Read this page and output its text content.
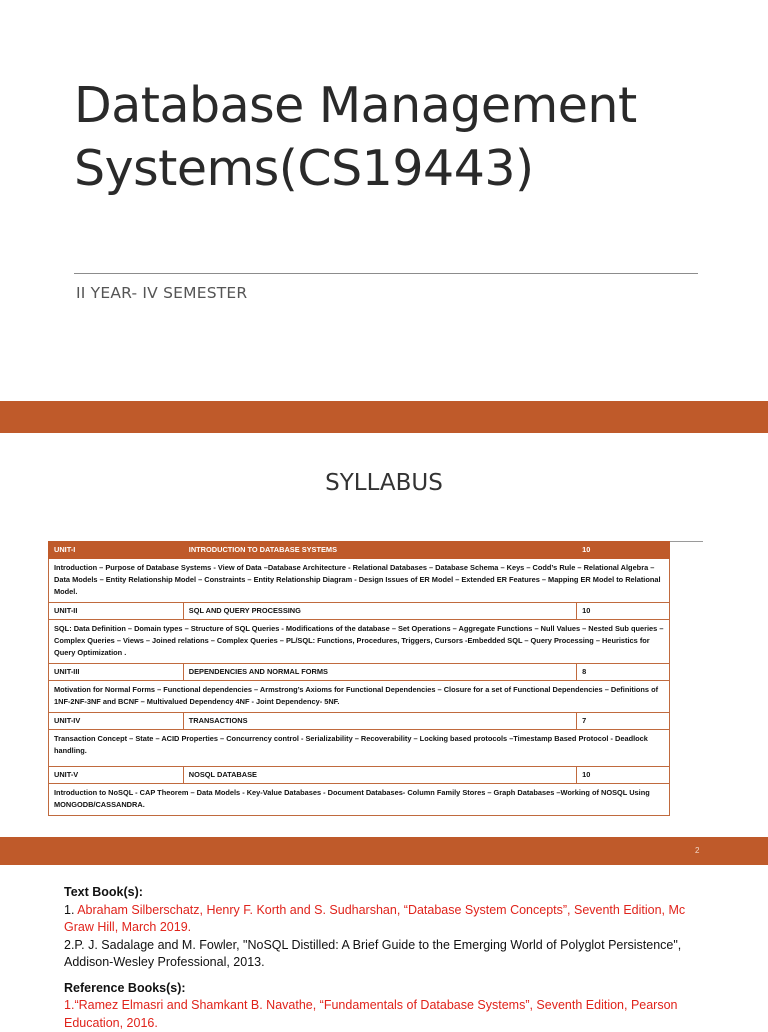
Database Management
Systems(CS19443)
II YEAR- IV SEMESTER
SYLLABUS
UNIT-I	INTRODUCTION TO DATABASE SYSTEMS	10
Introduction – Purpose of Database Systems - View of Data –Database Architecture - Relational Databases – Database Schema – Keys – Codd’s Rule – Relational Algebra – Data Models – Entity Relationship Model – Constraints – Entity Relationship Diagram - Design Issues of ER Model – Extended ER Features – Mapping ER Model to Relational Model.		
UNIT-II	SQL AND QUERY PROCESSING	10
SQL: Data Definition – Domain types – Structure of SQL Queries - Modifications of the database – Set Operations – Aggregate Functions – Null Values – Nested Sub queries – Complex Queries – Views – Joined relations – Complex Queries – PL/SQL: Functions, Procedures, Triggers, Cursors -Embedded SQL – Query Processing – Heuristics for Query Optimization .		
UNIT-III	DEPENDENCIES AND NORMAL FORMS	8
Motivation for Normal Forms – Functional dependencies – Armstrong’s Axioms for Functional Dependencies – Closure for a set of Functional Dependencies – Definitions of 1NF-2NF-3NF and BCNF – Multivalued Dependency 4NF - Joint Dependency- 5NF.		
UNIT-IV	TRANSACTIONS	7
Transaction Concept – State – ACID Properties – Concurrency control - Serializability – Recoverability – Locking based protocols –Timestamp Based Protocol - Deadlock handling.		
UNIT-V	NOSQL DATABASE	10
Introduction to NoSQL - CAP Theorem – Data Models - Key-Value Databases - Document Databases- Column Family Stores – Graph Databases –Working of NOSQL Using MONGODB/CASSANDRA.		
2
Text Book(s):
1. Abraham Silberschatz, Henry F. Korth and S. Sudharshan, “Database System Concepts”, Seventh Edition, Mc Graw Hill, March 2019.
2.P. J. Sadalage and M. Fowler, "NoSQL Distilled: A Brief Guide to the Emerging World of Polyglot Persistence", Addison-Wesley Professional, 2013.
Reference Books(s):
1.“Ramez Elmasri and Shamkant B. Navathe, “Fundamentals of Database Systems”, Seventh Edition, Pearson Education, 2016.
